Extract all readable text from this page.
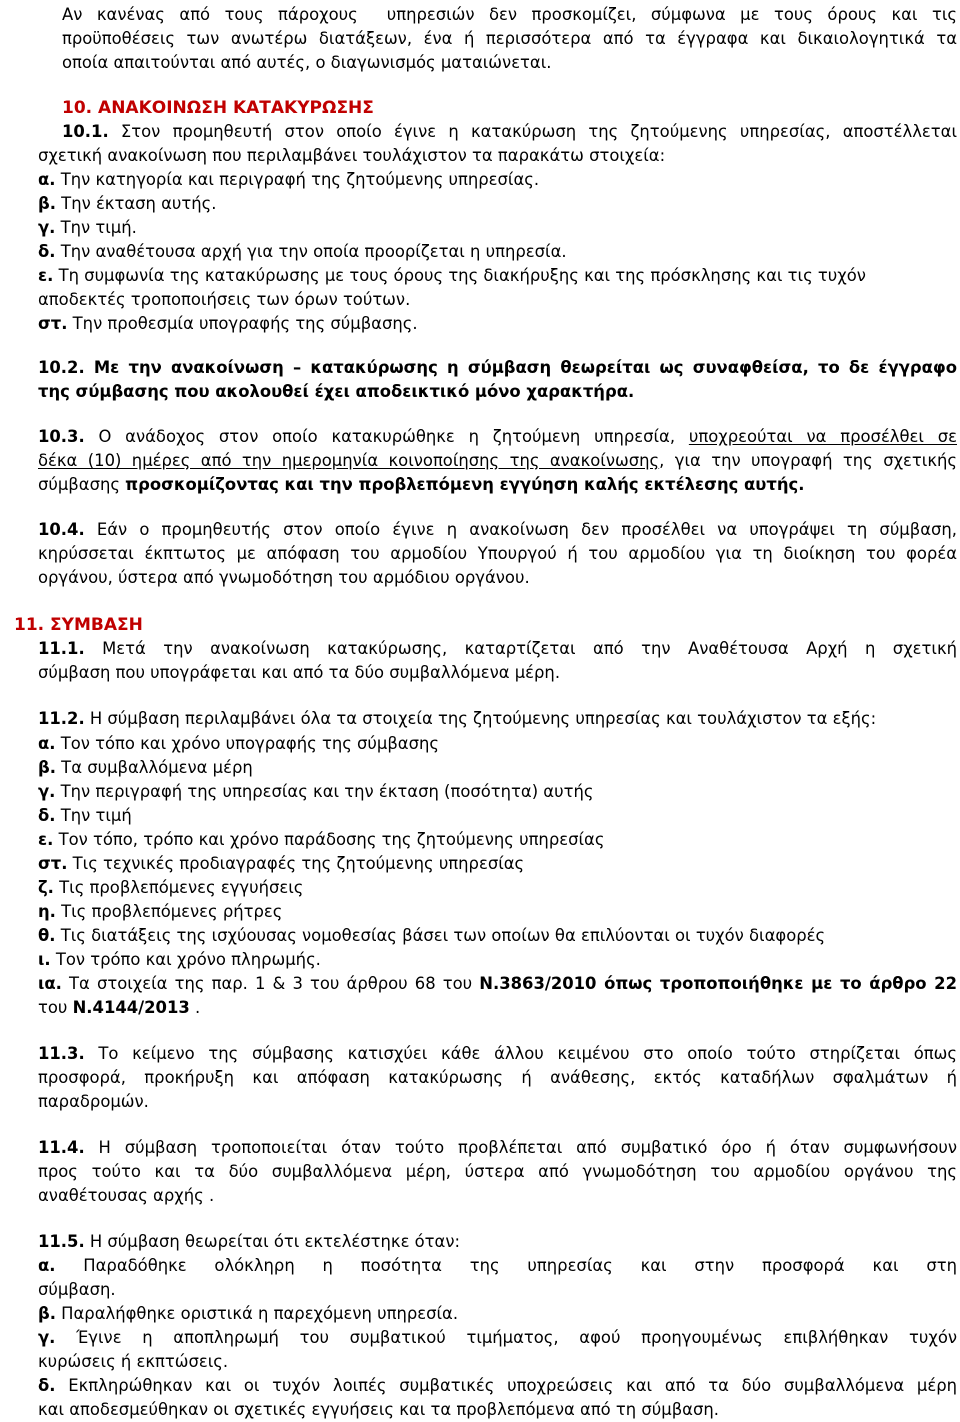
Αν κανένας από τους πάροχους  υπηρεσιών δεν προσκομίζει, σύμφωνα με τους όρους και τις
προϋποθέσεις των ανωτέρω διατάξεων, ένα ή περισσότερα από τα έγγραφα και δικαιολογητικά τα
οποία απαιτούνται από αυτές, ο διαγωνισμός ματαιώνεται.
10. ΑΝΑΚΟΙΝΩΣΗ ΚΑΤΑΚΥΡΩΣΗΣ
10.1. Στον προμηθευτή στον οποίο έγινε η κατακύρωση της ζητούμενης υπηρεσίας, αποστέλλεται
σχετική ανακοίνωση που περιλαμβάνει τουλάχιστον τα παρακάτω στοιχεία:
α. Την κατηγορία και περιγραφή της ζητούμενης υπηρεσίας.
β. Την έκταση αυτής.
γ. Την τιμή.
δ. Την αναθέτουσα αρχή για την οποία προορίζεται η υπηρεσία.
ε. Τη συμφωνία της κατακύρωσης με τους όρους της διακήρυξης και της πρόσκλησης και τις τυχόν
αποδεκτές τροποποιήσεις των όρων τούτων.
στ. Την προθεσμία υπογραφής της σύμβασης.
10.2. Με την ανακοίνωση – κατακύρωσης η σύμβαση θεωρείται ως συναφθείσα, το δε έγγραφο
της σύμβασης που ακολουθεί έχει αποδεικτικό μόνο χαρακτήρα.
10.3. Ο ανάδοχος στον οποίο κατακυρώθηκε η ζητούμενη υπηρεσία, υποχρεούται να προσέλθει σε
δέκα (10) ημέρες από την ημερομηνία κοινοποίησης της ανακοίνωσης, για την υπογραφή της σχετικής
σύμβασης προσκομίζοντας και την προβλεπόμενη εγγύηση καλής εκτέλεσης αυτής.
10.4. Εάν ο προμηθευτής στον οποίο έγινε η ανακοίνωση δεν προσέλθει να υπογράψει τη σύμβαση,
κηρύσσεται έκπτωτος με απόφαση του αρμοδίου Υπουργού ή του αρμοδίου για τη διοίκηση του φορέα
οργάνου, ύστερα από γνωμοδότηση του αρμόδιου οργάνου.
11. ΣΥΜΒΑΣΗ
11.1. Μετά την ανακοίνωση κατακύρωσης, καταρτίζεται από την Αναθέτουσα Αρχή η σχετική
σύμβαση που υπογράφεται και από τα δύο συμβαλλόμενα μέρη.
11.2. Η σύμβαση περιλαμβάνει όλα τα στοιχεία της ζητούμενης υπηρεσίας και τουλάχιστον τα εξής:
α. Τον τόπο και χρόνο υπογραφής της σύμβασης
β. Τα συμβαλλόμενα μέρη
γ. Την περιγραφή της υπηρεσίας και την έκταση (ποσότητα) αυτής
δ. Την τιμή
ε. Τον τόπο, τρόπο και χρόνο παράδοσης της ζητούμενης υπηρεσίας
στ. Τις τεχνικές προδιαγραφές της ζητούμενης υπηρεσίας
ζ. Τις προβλεπόμενες εγγυήσεις
η. Τις προβλεπόμενες ρήτρες
θ. Τις διατάξεις της ισχύουσας νομοθεσίας βάσει των οποίων θα επιλύονται οι τυχόν διαφορές
ι. Τον τρόπο και χρόνο πληρωμής.
ια. Τα στοιχεία της παρ. 1 & 3 του άρθρου 68 του Ν.3863/2010 όπως τροποποιήθηκε με το άρθρο 22
του Ν.4144/2013 .
11.3. Το κείμενο της σύμβασης κατισχύει κάθε άλλου κειμένου στο οποίο τούτο στηρίζεται όπως
προσφορά, προκήρυξη και απόφαση κατακύρωσης ή ανάθεσης, εκτός καταδήλων σφαλμάτων ή
παραδρομών.
11.4. Η σύμβαση τροποποιείται όταν τούτο προβλέπεται από συμβατικό όρο ή όταν συμφωνήσουν
προς τούτο και τα δύο συμβαλλόμενα μέρη, ύστερα από γνωμοδότηση του αρμοδίου οργάνου της
αναθέτουσας αρχής .
11.5. Η σύμβαση θεωρείται ότι εκτελέστηκε όταν:
α. Παραδόθηκε ολόκληρη η ποσότητα της υπηρεσίας και στην προσφορά και στη
σύμβαση.
β. Παραλήφθηκε οριστικά η παρεχόμενη υπηρεσία.
γ. Έγινε η αποπληρωμή του συμβατικού τιμήματος, αφού προηγουμένως επιβλήθηκαν τυχόν
κυρώσεις ή εκπτώσεις.
δ. Εκπληρώθηκαν και οι τυχόν λοιπές συμβατικές υποχρεώσεις και από τα δύο συμβαλλόμενα μέρη
και αποδεσμεύθηκαν οι σχετικές εγγυήσεις και τα προβλεπόμενα από τη σύμβαση.
